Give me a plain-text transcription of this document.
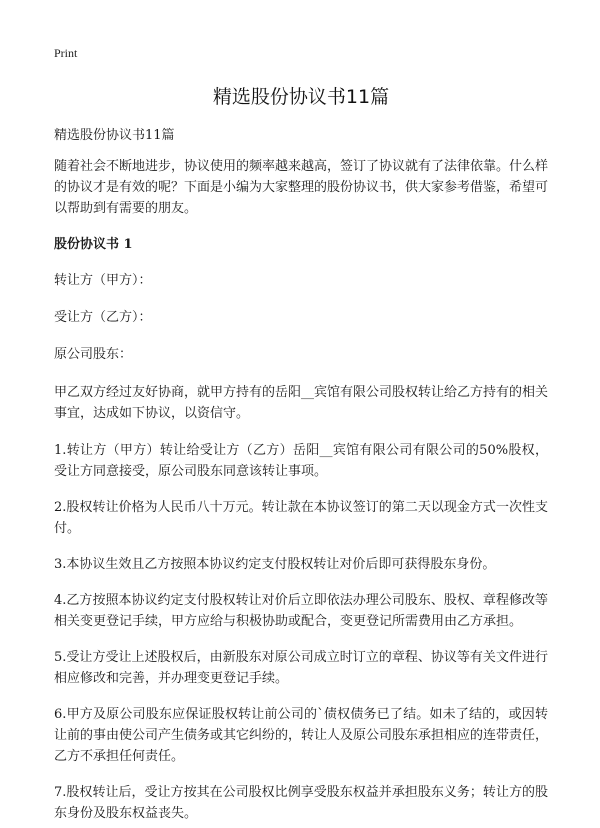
Print
精选股份协议书11篇
精选股份协议书11篇

随着社会不断地进步，协议使用的频率越来越高，签订了协议就有了法律依靠。什么样的协议才是有效的呢？下面是小编为大家整理的股份协议书，供大家参考借鉴，希望可以帮助到有需要的朋友。

股份协议书 1
转让方（甲方）：
受让方（乙方）：
原公司股东：

甲乙双方经过友好协商，就甲方持有的岳阳__宾馆有限公司股权转让给乙方持有的相关事宜，达成如下协议，以资信守。

1.转让方（甲方）转让给受让方（乙方）岳阳__宾馆有限公司有限公司的50%股权，受让方同意接受，原公司股东同意该转让事项。

2.股权转让价格为人民币八十万元。转让款在本协议签订的第二天以现金方式一次性支付。

3.本协议生效且乙方按照本协议约定支付股权转让对价后即可获得股东身份。

4.乙方按照本协议约定支付股权转让对价后立即依法办理公司股东、股权、章程修改等相关变更登记手续，甲方应给与积极协助或配合，变更登记所需费用由乙方承担。

5.受让方受让上述股权后，由新股东对原公司成立时订立的章程、协议等有关文件进行相应修改和完善，并办理变更登记手续。

6.甲方及原公司股东应保证股权转让前公司的`债权债务已了结。如未了结的，或因转让前的事由使公司产生债务或其它纠纷的，转让人及原公司股东承担相应的连带责任，乙方不承担任何责任。

7.股权转让后，受让方按其在公司股权比例享受股东权益并承担股东义务；转让方的股东身份及股东权益丧失。
